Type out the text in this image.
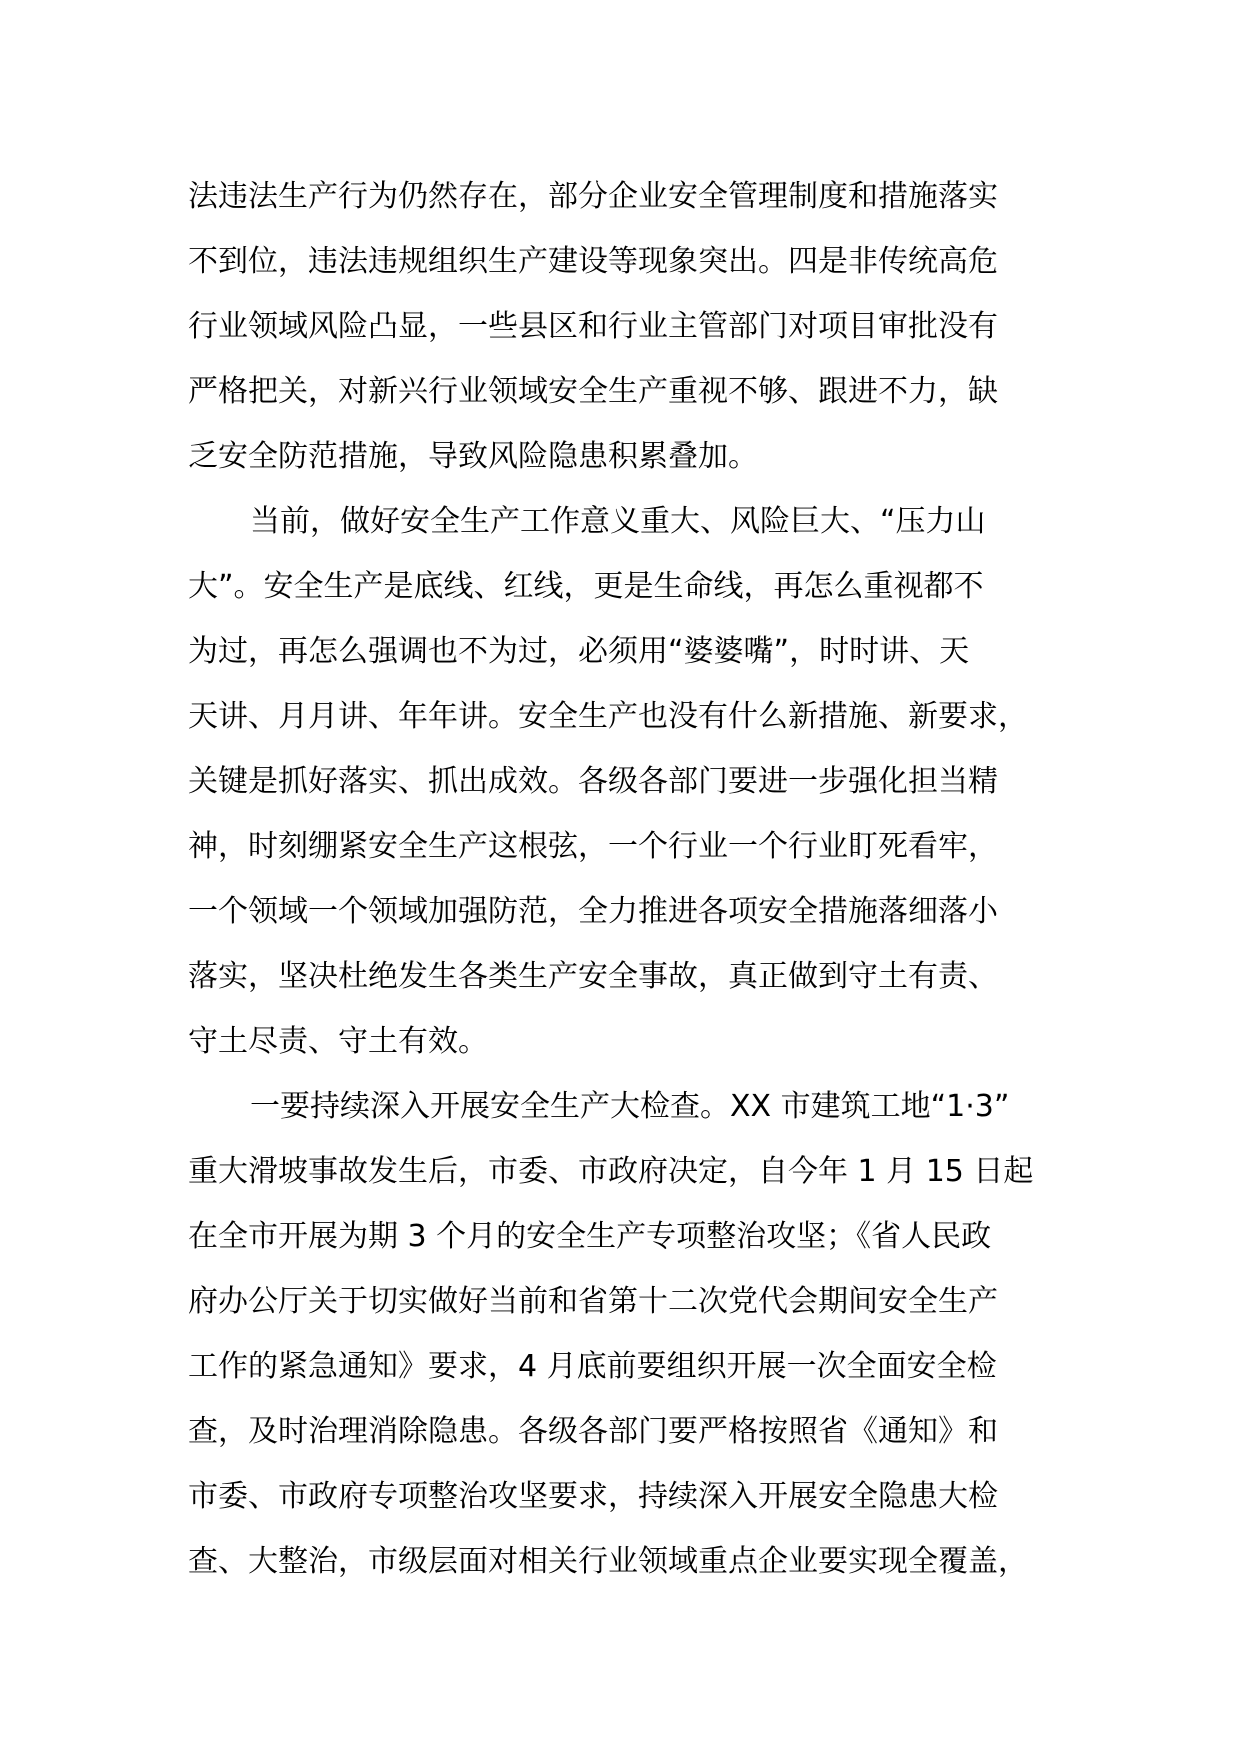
法违法生产行为仍然存在，部分企业安全管理制度和措施落实
不到位，违法违规组织生产建设等现象突出。四是非传统高危
行业领域风险凸显，一些县区和行业主管部门对项目审批没有
严格把关，对新兴行业领域安全生产重视不够、跟进不力，缺
乏安全防范措施，导致风险隐患积累叠加。

当前，做好安全生产工作意义重大、风险巨大、“压力山
大”。安全生产是底线、红线，更是生命线，再怎么重视都不
为过，再怎么强调也不为过，必须用“婆婆嘴”，时时讲、天
天讲、月月讲、年年讲。安全生产也没有什么新措施、新要求，
关键是抓好落实、抓出成效。各级各部门要进一步强化担当精
神，时刻绷紧安全生产这根弦，一个行业一个行业盯死看牢，
一个领域一个领域加强防范，全力推进各项安全措施落细落小
落实，坚决杜绝发生各类生产安全事故，真正做到守土有责、
守土尽责、守土有效。

一要持续深入开展安全生产大检查。XX 市建筑工地“1·3”
重大滑坡事故发生后，市委、市政府决定，自今年 1 月 15 日起
在全市开展为期 3 个月的安全生产专项整治攻坚；《省人民政
府办公厅关于切实做好当前和省第十二次党代会期间安全生产
工作的紧急通知》要求，4 月底前要组织开展一次全面安全检
查，及时治理消除隐患。各级各部门要严格按照省《通知》和
市委、市政府专项整治攻坚要求，持续深入开展安全隐患大检
查、大整治，市级层面对相关行业领域重点企业要实现全覆盖，
